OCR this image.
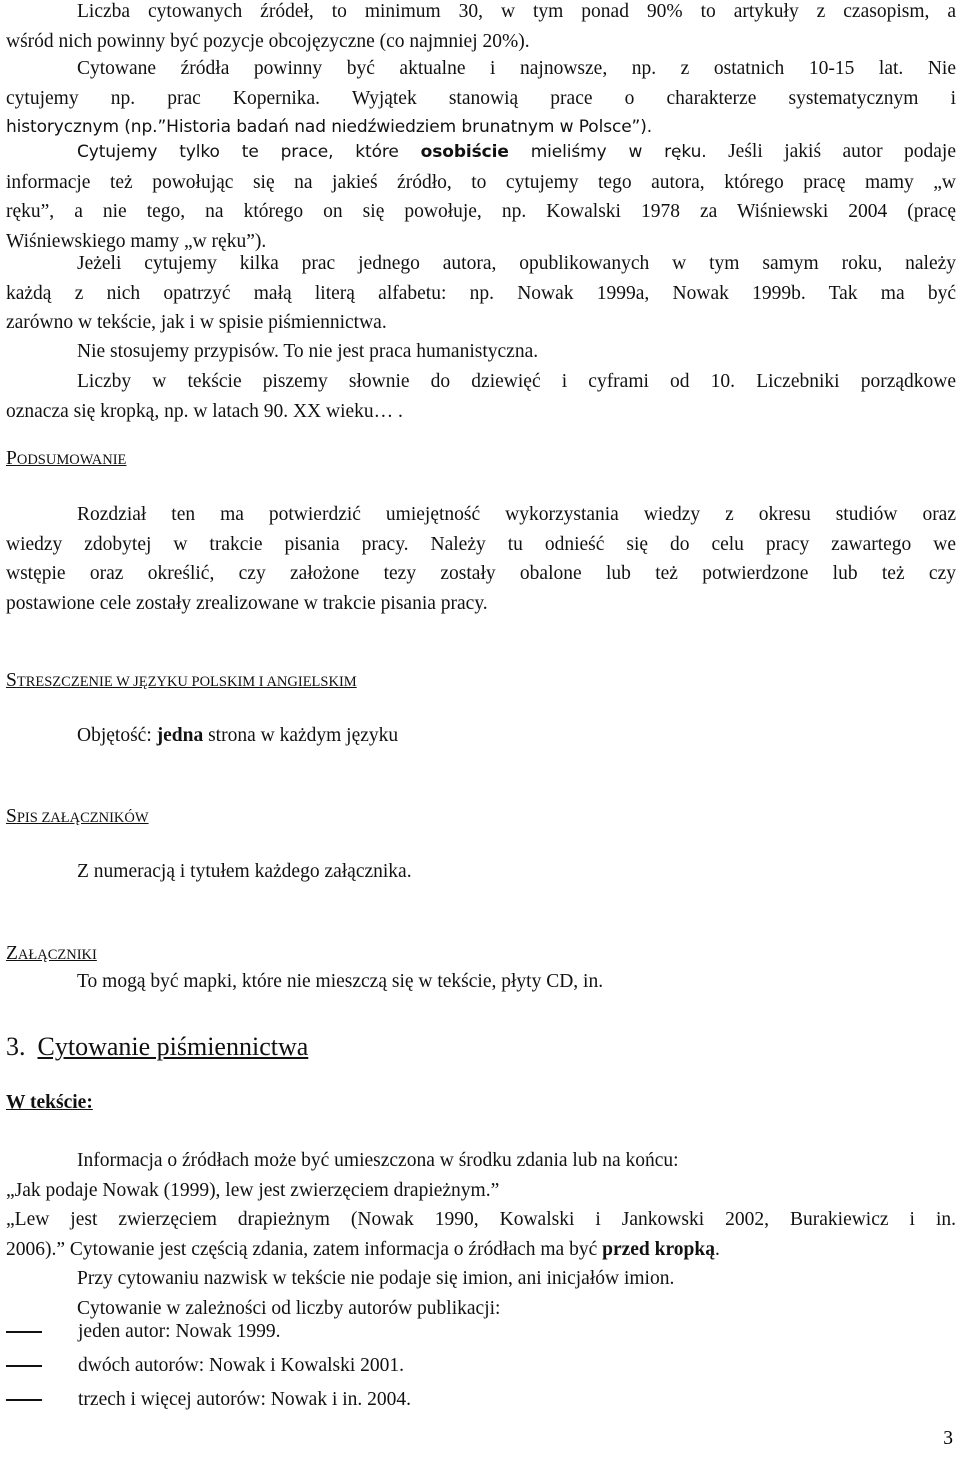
Liczba cytowanych źródeł, to minimum 30, w tym ponad 90% to artykuły z czasopism, a

wśród nich powinny być pozycje obcojęzyczne (co najmniej 20%).

Cytowane źródła powinny być aktualne i najnowsze, np. z ostatnich 10-15 lat. Nie

cytujemy np. prac Kopernika. Wyjątek stanowią prace o charakterze systematycznym i

historycznym (np.”Historia badań nad niedźwiedziem brunatnym w Polsce”).

Cytujemy tylko te prace, które osobiście mieliśmy w ręku. Jeśli jakiś autor podaje

informacje też powołując się na jakieś źródło, to cytujemy tego autora, którego pracę mamy „w

ręku”, a nie tego, na którego on się powołuje, np. Kowalski 1978 za Wiśniewski 2004 (pracę

Wiśniewskiego mamy „w ręku”).

Jeżeli cytujemy kilka prac jednego autora, opublikowanych w tym samym roku, należy

każdą z nich opatrzyć małą literą alfabetu: np. Nowak 1999a, Nowak 1999b. Tak ma być

zarówno w tekście, jak i w spisie piśmiennictwa.

Nie stosujemy przypisów. To nie jest praca humanistyczna.

Liczby w tekście piszemy słownie do dziewięć i cyframi od 10. Liczebniki porządkowe

oznacza się kropką, np. w latach 90. XX wieku… .

PODSUMOWANIE

Rozdział ten ma potwierdzić umiejętność wykorzystania wiedzy z okresu studiów oraz

wiedzy zdobytej w trakcie pisania pracy. Należy tu odnieść się do celu pracy zawartego we

wstępie oraz określić, czy założone tezy zostały obalone lub też potwierdzone lub też czy

postawione cele zostały zrealizowane w trakcie pisania pracy.

STRESZCZENIE W JĘZYKU POLSKIM I ANGIELSKIM

Objętość: jedna strona w każdym języku

SPIS ZAŁĄCZNIKÓW

Z numeracją i tytułem każdego załącznika.

ZAŁĄCZNIKI

To mogą być mapki, które nie mieszczą się w tekście, płyty CD, in.

3. Cytowanie piśmiennictwa

W tekście:

Informacja o źródłach może być umieszczona w środku zdania lub na końcu:

„Jak podaje Nowak (1999), lew jest zwierzęciem drapieżnym.”

„Lew jest zwierzęciem drapieżnym (Nowak 1990, Kowalski i Jankowski 2002, Burakiewicz i in.

2006).” Cytowanie jest częścią zdania, zatem informacja o źródłach ma być przed kropką.

Przy cytowaniu nazwisk w tekście nie podaje się imion, ani inicjałów imion.

Cytowanie w zależności od liczby autorów publikacji:

jeden autor: Nowak 1999.
dwóch autorów: Nowak i Kowalski 2001.
trzech i więcej autorów: Nowak i in. 2004.
3
